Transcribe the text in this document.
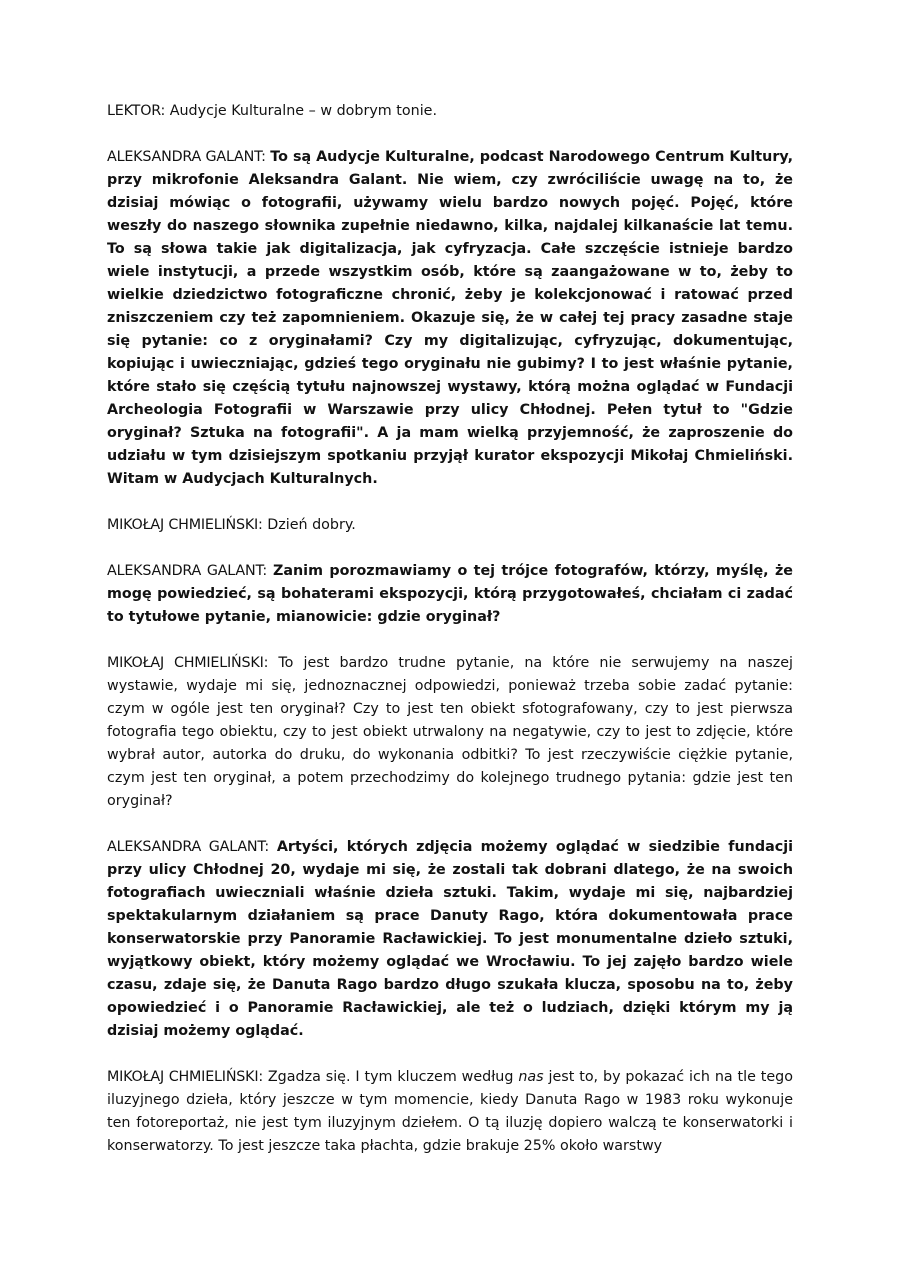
LEKTOR: Audycje Kulturalne – w dobrym tonie.

ALEKSANDRA GALANT: To są Audycje Kulturalne, podcast Narodowego Centrum Kultury, przy mikrofonie Aleksandra Galant. Nie wiem, czy zwróciliście uwagę na to, że dzisiaj mówiąc o fotografii, używamy wielu bardzo nowych pojęć. Pojęć, które weszły do naszego słownika zupełnie niedawno, kilka, najdalej kilkanaście lat temu. To są słowa takie jak digitalizacja, jak cyfryzacja. Całe szczęście istnieje bardzo wiele instytucji, a przede wszystkim osób, które są zaangażowane w to, żeby to wielkie dziedzictwo fotograficzne chronić, żeby je kolekcjonować i ratować przed zniszczeniem czy też zapomnieniem. Okazuje się, że w całej tej pracy zasadne staje się pytanie: co z oryginałami? Czy my digitalizując, cyfryzując, dokumentując, kopiując i uwieczniając, gdzieś tego oryginału nie gubimy? I to jest właśnie pytanie, które stało się częścią tytułu najnowszej wystawy, którą można oglądać w Fundacji Archeologia Fotografii w Warszawie przy ulicy Chłodnej. Pełen tytuł to "Gdzie oryginał? Sztuka na fotografii". A ja mam wielką przyjemność, że zaproszenie do udziału w tym dzisiejszym spotkaniu przyjął kurator ekspozycji Mikołaj Chmieliński. Witam w Audycjach Kulturalnych.

MIKOŁAJ CHMIELIŃSKI: Dzień dobry.

ALEKSANDRA GALANT: Zanim porozmawiamy o tej trójce fotografów, którzy, myślę, że mogę powiedzieć, są bohaterami ekspozycji, którą przygotowałeś, chciałam ci zadać to tytułowe pytanie, mianowicie: gdzie oryginał?

MIKOŁAJ CHMIELIŃSKI: To jest bardzo trudne pytanie, na które nie serwujemy na naszej wystawie, wydaje mi się, jednoznacznej odpowiedzi, ponieważ trzeba sobie zadać pytanie: czym w ogóle jest ten oryginał? Czy to jest ten obiekt sfotografowany, czy to jest pierwsza fotografia tego obiektu, czy to jest obiekt utrwalony na negatywie, czy to jest to zdjęcie, które wybrał autor, autorka do druku, do wykonania odbitki? To jest rzeczywiście ciężkie pytanie, czym jest ten oryginał, a potem przechodzimy do kolejnego trudnego pytania: gdzie jest ten oryginał?

ALEKSANDRA GALANT: Artyści, których zdjęcia możemy oglądać w siedzibie fundacji przy ulicy Chłodnej 20, wydaje mi się, że zostali tak dobrani dlatego, że na swoich fotografiach uwieczniali właśnie dzieła sztuki. Takim, wydaje mi się, najbardziej spektakularnym działaniem są prace Danuty Rago, która dokumentowała prace konserwatorskie przy Panoramie Racławickiej. To jest monumentalne dzieło sztuki, wyjątkowy obiekt, który możemy oglądać we Wrocławiu. To jej zajęło bardzo wiele czasu, zdaje się, że Danuta Rago bardzo długo szukała klucza, sposobu na to, żeby opowiedzieć i o Panoramie Racławickiej, ale też o ludziach, dzięki którym my ją dzisiaj możemy oglądać.

MIKOŁAJ CHMIELIŃSKI: Zgadza się. I tym kluczem według nas jest to, by pokazać ich na tle tego iluzyjnego dzieła, który jeszcze w tym momencie, kiedy Danuta Rago w 1983 roku wykonuje ten fotoreportaż, nie jest tym iluzyjnym dziełem. O tą iluzję dopiero walczą te konserwatorki i konserwatorzy. To jest jeszcze taka płachta, gdzie brakuje 25% około warstwy
